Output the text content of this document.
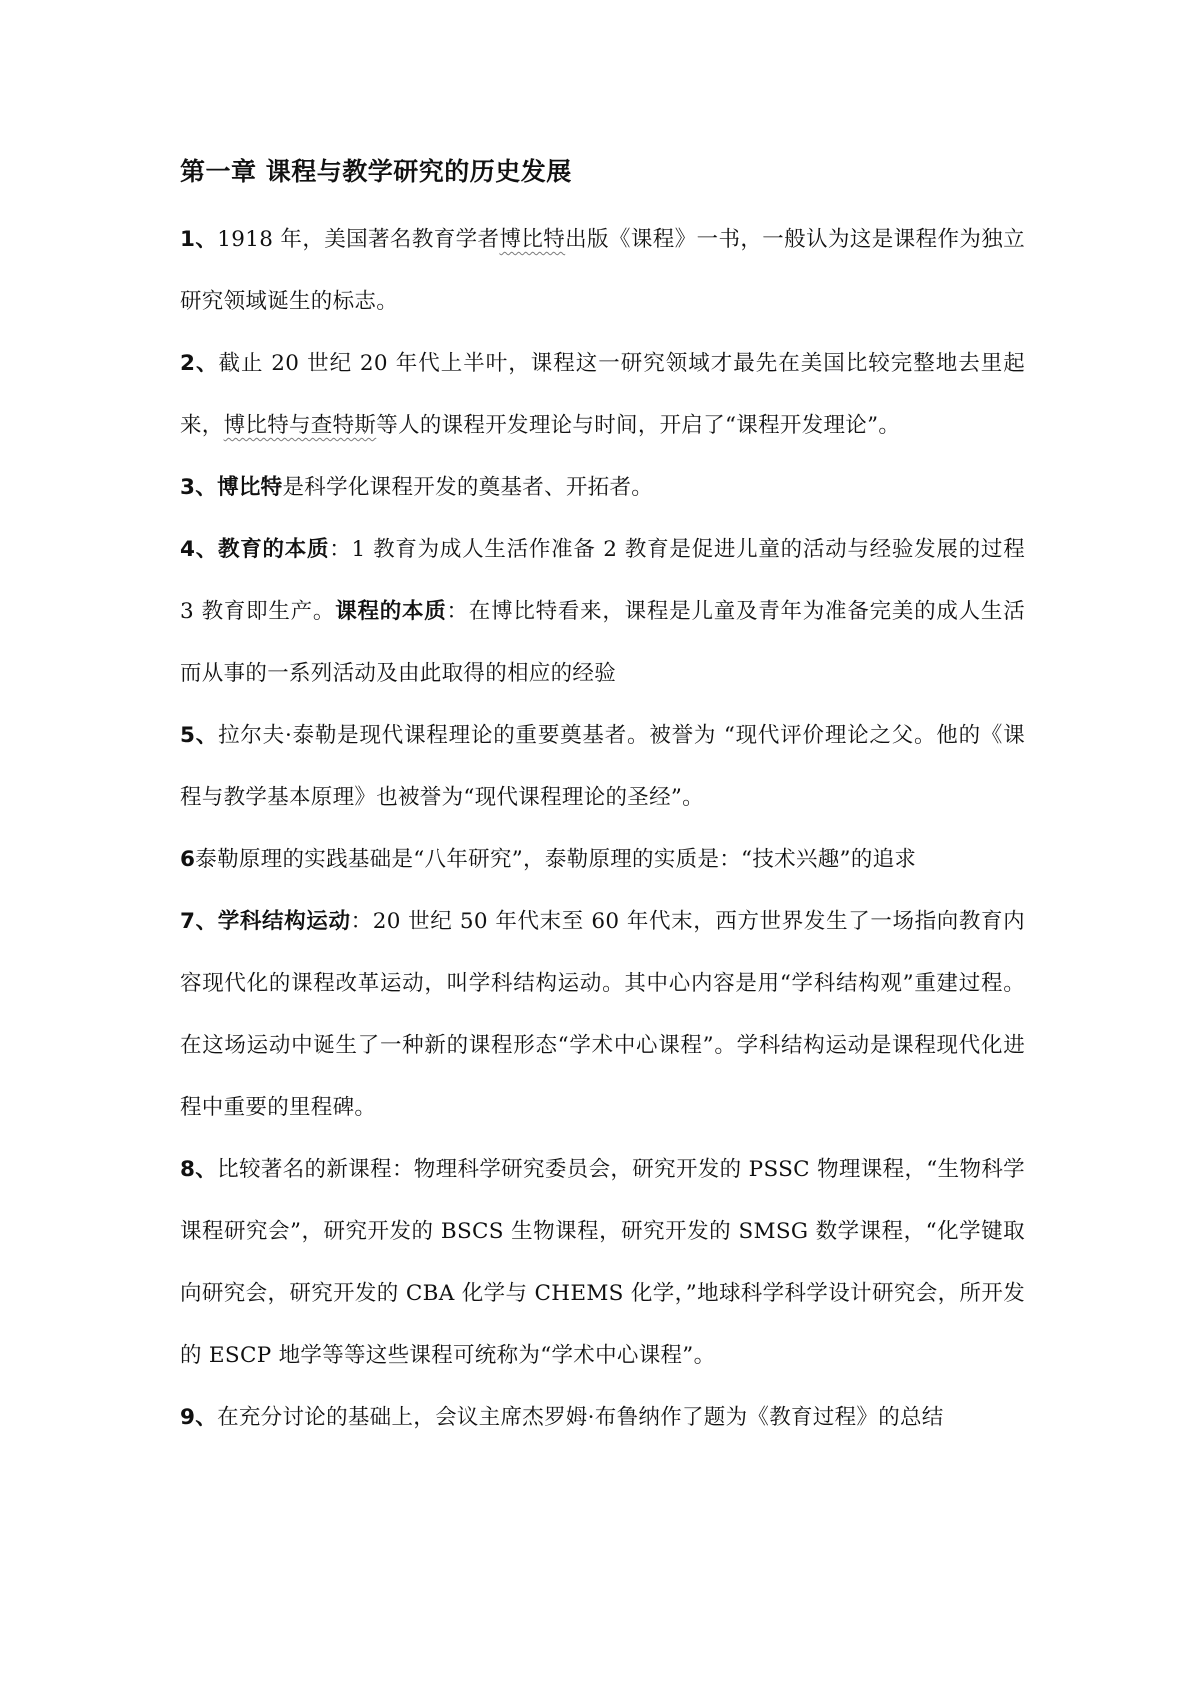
第一章 课程与教学研究的历史发展

1、1918 年，美国著名教育学者博比特出版《课程》一书，一般认为这是课程作为独立研究领域诞生的标志。

2、截止 20 世纪 20 年代上半叶，课程这一研究领域才最先在美国比较完整地去里起来，博比特与查特斯等人的课程开发理论与时间，开启了“课程开发理论”。

3、博比特是科学化课程开发的奠基者、开拓者。

4、教育的本质：1 教育为成人生活作准备 2 教育是促进儿童的活动与经验发展的过程 3 教育即生产。课程的本质：在博比特看来，课程是儿童及青年为准备完美的成人生活而从事的一系列活动及由此取得的相应的经验

5、拉尔夫·泰勒是现代课程理论的重要奠基者。被誉为 “现代评价理论之父。他的《课程与教学基本原理》也被誉为“现代课程理论的圣经”。

6泰勒原理的实践基础是“八年研究”，泰勒原理的实质是：“技术兴趣”的追求

7、学科结构运动：20 世纪 50 年代末至 60 年代末，西方世界发生了一场指向教育内容现代化的课程改革运动，叫学科结构运动。其中心内容是用“学科结构观”重建过程。在这场运动中诞生了一种新的课程形态“学术中心课程”。学科结构运动是课程现代化进程中重要的里程碑。

8、比较著名的新课程：物理科学研究委员会，研究开发的 PSSC 物理课程，“生物科学课程研究会”，研究开发的 BSCS 生物课程，研究开发的 SMSG 数学课程，“化学键取向研究会，研究开发的 CBA 化学与 CHEMS 化学，”地球科学科学设计研究会，所开发的 ESCP 地学等等这些课程可统称为“学术中心课程”。

9、在充分讨论的基础上，会议主席杰罗姆·布鲁纳作了题为《教育过程》的总结
